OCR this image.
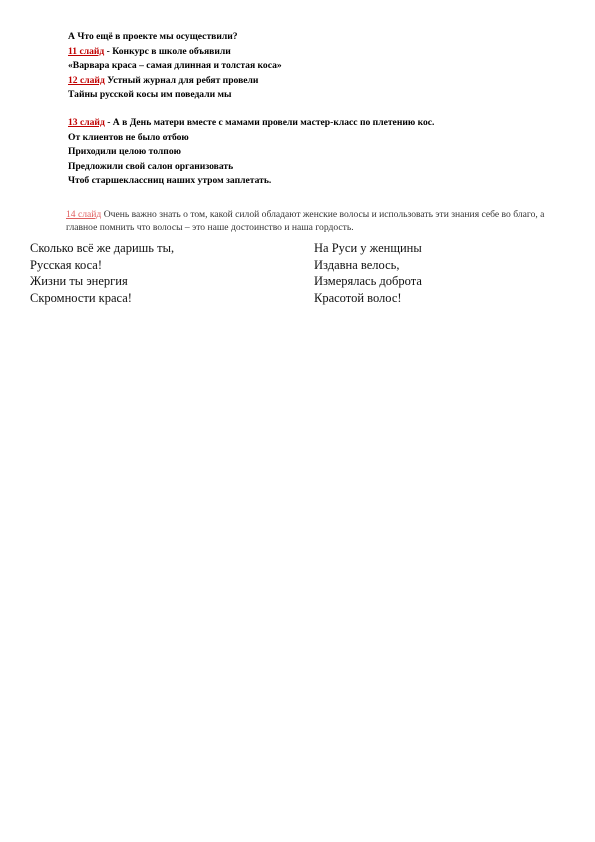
А Что ещё в проекте мы осуществили?
11 слайд - Конкурс в школе объявили
«Варвара краса – самая длинная и толстая коса»
12 слайд Устный журнал для ребят провели
Тайны русской косы им поведали мы
13 слайд - А в День матери вместе с мамами провели мастер-класс по плетению кос.
От клиентов не было отбою
Приходили целою толпою
Предложили свой салон организовать
Чтоб старшеклассниц наших утром заплетать.
14 слайд Очень важно знать о том, какой силой обладают женские волосы и использовать эти знания себе во благо, а главное помнить что волосы – это наше достоинство и наша гордость.
Сколько всё же даришь ты,
Русская коса!
Жизни ты энергия
Скромности краса!
На Руси у женщины
Издавна велось,
Измерялась доброта
Красотой волос!
